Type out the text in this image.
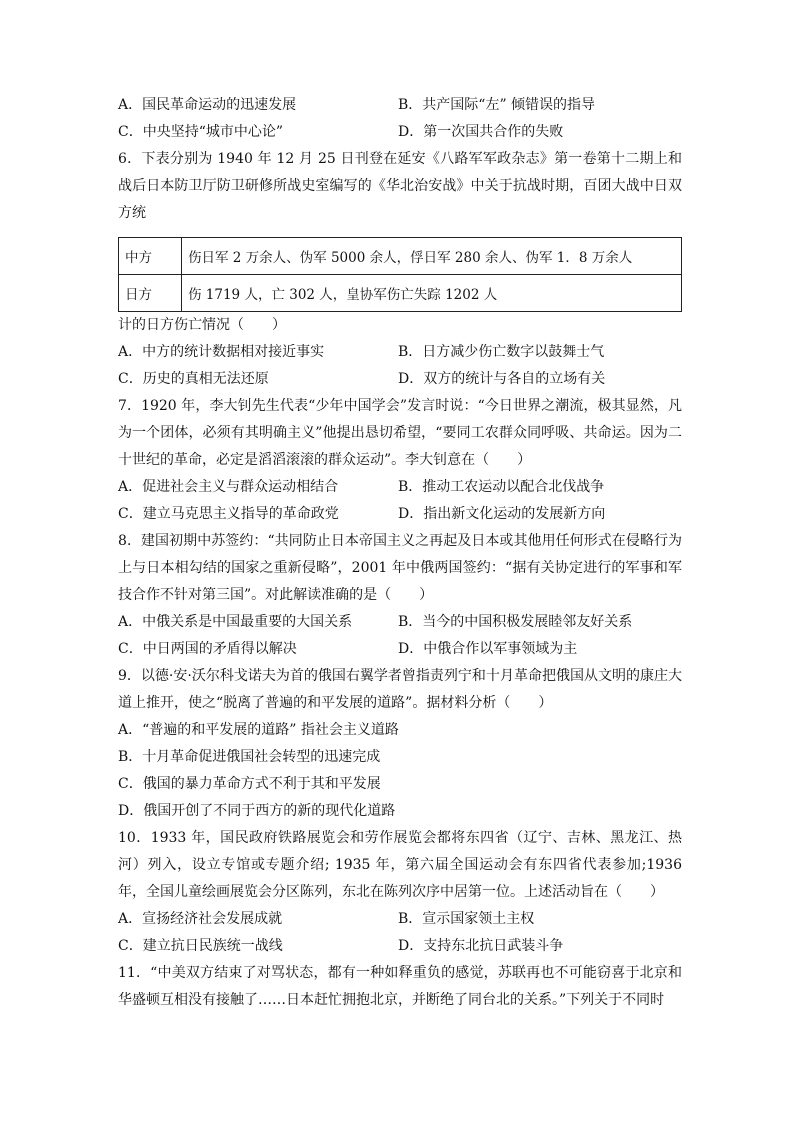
A．国民革命运动的迅速发展	B．共产国际“左” 倾错误的指导
C．中央坚持“城市中心论”	D．第一次国共合作的失败
6．下表分别为 1940 年 12 月 25 日刊登在延安《八路军军政杂志》第一卷第十二期上和战后日本防卫厅防卫研修所战史室编写的《华北治安战》中关于抗战时期，百团大战中日双方统
中方	伤日军 2 万余人、伪军 5000 余人，俘日军 280 余人、伪军 1．8 万余人
日方	伤 1719 人，亡 302 人，皇协军伤亡失踪 1202 人
计的日方伤亡情况（　　）
A．中方的统计数据相对接近事实	B．日方减少伤亡数字以鼓舞士气
C．历史的真相无法还原	D．双方的统计与各自的立场有关
7．1920 年，李大钊先生代表“少年中国学会”发言时说：“今日世界之潮流，极其显然，凡为一个团体，必须有其明确主义”他提出恳切希望，“要同工农群众同呼吸、共命运。因为二十世纪的革命，必定是滔滔滚滚的群众运动”。李大钊意在（　　）
A．促进社会主义与群众运动相结合	B．推动工农运动以配合北伐战争
C．建立马克思主义指导的革命政党	D．指出新文化运动的发展新方向
8．建国初期中苏签约：“共同防止日本帝国主义之再起及日本或其他用任何形式在侵略行为上与日本相勾结的国家之重新侵略”，2001 年中俄两国签约：“据有关协定进行的军事和军技合作不针对第三国”。对此解读准确的是（　　）
A．中俄关系是中国最重要的大国关系	B．当今的中国积极发展睦邻友好关系
C．中日两国的矛盾得以解决	D．中俄合作以军事领域为主
9．以德·安·沃尔科戈诺夫为首的俄国右翼学者曾指责列宁和十月革命把俄国从文明的康庄大道上推开，使之“脱离了普遍的和平发展的道路”。据材料分析（　　）
A．“普遍的和平发展的道路” 指社会主义道路
B．十月革命促进俄国社会转型的迅速完成
C．俄国的暴力革命方式不利于其和平发展
D．俄国开创了不同于西方的新的现代化道路
10．1933 年，国民政府铁路展览会和劳作展览会都将东四省（辽宁、吉林、黑龙江、热河）列入，设立专馆或专题介绍; 1935 年，第六届全国运动会有东四省代表参加;1936 年，全国儿童绘画展览会分区陈列，东北在陈列次序中居第一位。上述活动旨在（　　）
A．宣扬经济社会发展成就	B．宣示国家领土主权
C．建立抗日民族统一战线	D．支持东北抗日武装斗争
11．“中美双方结束了对骂状态，都有一种如释重负的感觉，苏联再也不可能窃喜于北京和华盛顿互相没有接触了……日本赶忙拥抱北京，并断绝了同台北的关系。”下列关于不同时
